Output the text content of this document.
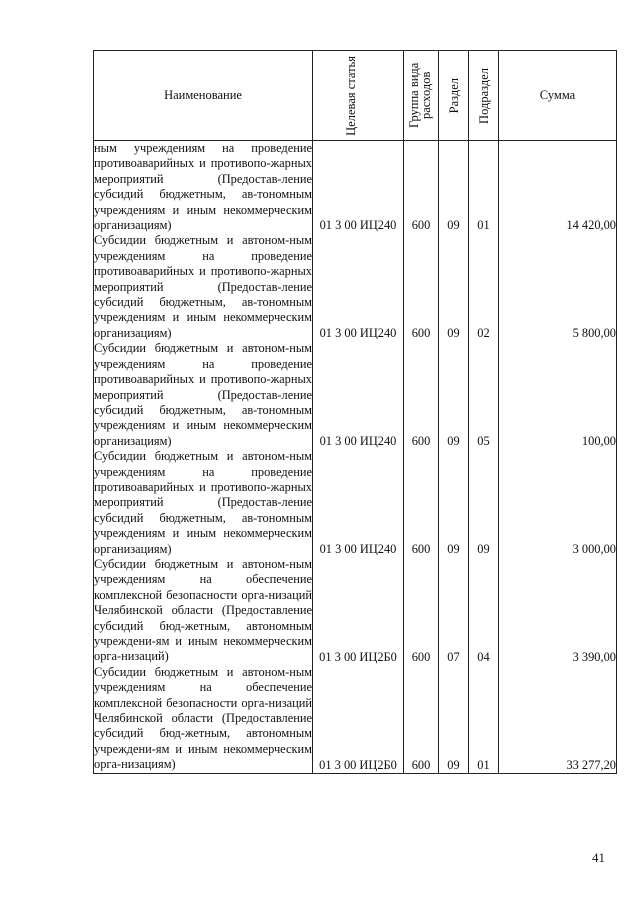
Наименование	Целевая статья	Группа вида расходов	Раздел	Подраздел	Сумма

ным учреждениям на проведение противоаварийных и противопо-жарных мероприятий (Предостав-ление субсидий бюджетным, ав-тономным учреждениям и иным некоммерческим организациям)	01 3 00 ИЦ240	600	09	01	14 420,00
Субсидии бюджетным и автоном-ным учреждениям на проведение противоаварийных и противопо-жарных мероприятий (Предостав-ление субсидий бюджетным, ав-тономным учреждениям и иным некоммерческим организациям)	01 3 00 ИЦ240	600	09	02	5 800,00
Субсидии бюджетным и автоном-ным учреждениям на проведение противоаварийных и противопо-жарных мероприятий (Предостав-ление субсидий бюджетным, ав-тономным учреждениям и иным некоммерческим организациям)	01 3 00 ИЦ240	600	09	05	100,00
Субсидии бюджетным и автоном-ным учреждениям на проведение противоаварийных и противопо-жарных мероприятий (Предостав-ление субсидий бюджетным, ав-тономным учреждениям и иным некоммерческим организациям)	01 3 00 ИЦ240	600	09	09	3 000,00
Субсидии бюджетным и автоном-ным учреждениям на обеспечение комплексной безопасности орга-низаций Челябинской области (Предоставление субсидий бюд-жетным, автономным учреждени-ям и иным некоммерческим орга-низаций)	01 3 00 ИЦ2Б0	600	07	04	3 390,00
Субсидии бюджетным и автоном-ным учреждениям на обеспечение комплексной безопасности орга-низаций Челябинской области (Предоставление субсидий бюд-жетным, автономным учреждени-ям и иным некоммерческим орга-низациям)	01 3 00 ИЦ2Б0	600	09	01	33 277,20
41
